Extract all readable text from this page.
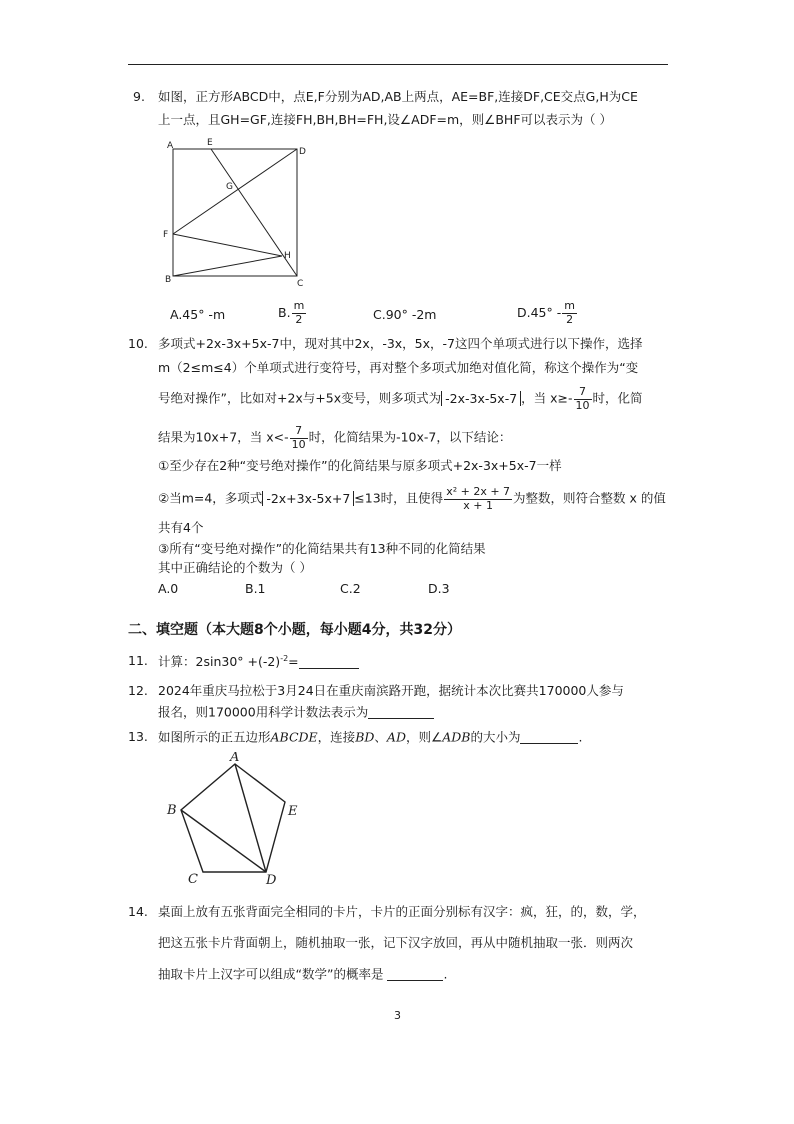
9. 如图，正方形ABCD中，点E,F分别为AD,AB上两点，AE=BF,连接DF,CE交点G,H为CE
上一点，且GH=GF,连接FH,BH,BH=FH,设∠ADF=m，则∠BHF可以表示为（ ）
A	E
D
G
F
B
H
C
A.45° -m	B. $\frac{m}{2}$	C.90° -2m	$D.45^\circ - \frac{m}{2}$
10. 多项式+2x-3x+5x-7中，现对其中2x，-3x，5x，-7这四个单项式进行以下操作，选择
m（2≤m≤4）个单项式进行变符号，再对整个多项式加绝对值化简，称这个操作为“变
号绝对操作”，比如对+2x与+5x变号，则多项式为 -2x-3x-5x-7 ，当 $x\ge- \frac{7}{10}$ 时，化简
结果为10x+7，当 $x<- \frac{7}{10}$ 时，化简结果为-10x-7，以下结论：
①至少存在2种“变号绝对操作”的化简结果与原多项式+2x-3x+5x-7一样
②当m=4，多项式 -2x+3x-5x+7 ≤13时，且使得 $\frac{\text{x² + 2x + 7}}{x + 1}$ 为整数，则符合整数 x 的值
共有4个
③所有“变号绝对操作”的化简结果共有13种不同的化简结果
其中正确结论的个数为（ ）
A.0	B.1	C.2	D.3
二、填空题（本大题8个小题，每小题4分，共32分）
11. 计算：$2\sin 30^\circ +(-2)^{-2}=$
12. 2024年重庆马拉松于3月24日在重庆南滨路开跑，据统计本次比赛共170000人参与
报名，则170000用科学计数法表示为
13. 如图所示的正五边形ABCDE，连接BD、AD，则∠ADB的大小为	.
A
B	E
C	D
14. 桌面上放有五张背面完全相同的卡片，卡片的正面分别标有汉字：疯，狂，的，数，学，
把这五张卡片背面朝上，随机抽取一张，记下汉字放回，再从中随机抽取一张．则两次
抽取卡片上汉字可以组成“数学”的概率是	.
3
